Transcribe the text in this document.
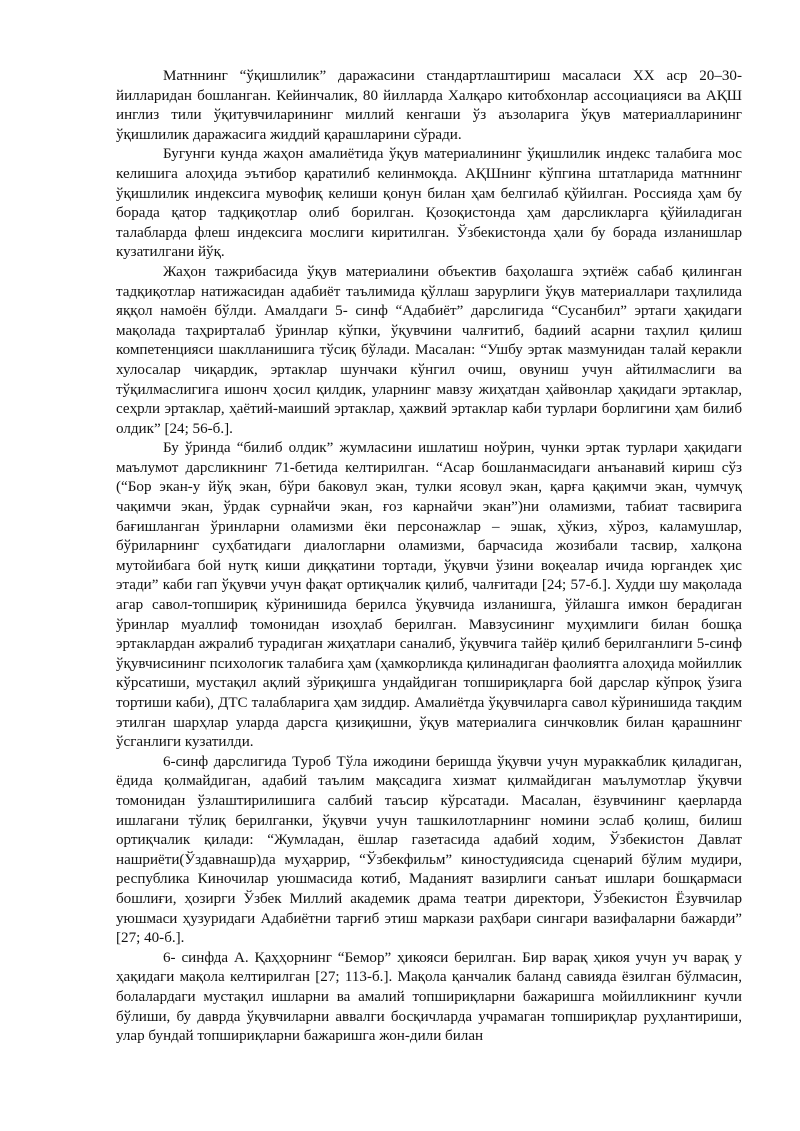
Матннинг “ўқишлилик” даражасини стандартлаштириш масаласи XX аср 20–30-йилларидан бошланган. Кейинчалик, 80 йилларда Халқаро китобхонлар ассоциацияси ва АҚШ инглиз тили ўқитувчиларининг миллий кенгаши ўз аъзоларига ўқув материалларининг ўқишлилик даражасига жиддий қарашларини сўради.

Бугунги кунда жаҳон амалиётида ўқув материалининг ўқишлилик индекс талабига мос келишига алоҳида эътибор қаратилиб келинмоқда. АҚШнинг кўпгина штатларида матннинг ўқишлилик индексига мувофиқ келиши қонун билан ҳам белгилаб қўйилган. Россияда ҳам бу борада қатор тадқиқотлар олиб борилган. Қозоқистонда ҳам дарсликларга қўйиладиган талабларда флеш индексига мослиги киритилган. Ўзбекистонда ҳали бу борада изланишлар кузатилгани йўқ.

Жаҳон тажрибасида ўқув материалини объектив баҳолашга эҳтиёж сабаб қилинган тадқиқотлар натижасидан адабиёт таълимида қўллаш зарурлиги ўқув материаллари таҳлилида яққол намоён бўлди. Амалдаги 5- синф “Адабиёт” дарслигида “Сусанбил” эртаги ҳақидаги мақолада таҳрирталаб ўринлар кўпки, ўқувчини чалғитиб, бадиий асарни таҳлил қилиш компетенцияси шаклланишига тўсиқ бўлади. Масалан: “Ушбу эртак мазмунидан талай керакли хулосалар чиқардик, эртаклар шунчаки кўнгил очиш, овуниш учун айтилмаслиги ва тўқилмаслигига ишонч ҳосил қилдик, уларнинг мавзу жиҳатдан ҳайвонлар ҳақидаги эртаклар, сеҳрли эртаклар, ҳаётий-маиший эртаклар, ҳажвий эртаклар каби турлари борлигини ҳам билиб олдик” [24; 56-б.].

Бу ўринда “билиб олдик” жумласини ишлатиш ноўрин, чунки эртак турлари ҳақидаги маълумот дарсликнинг 71-бетида келтирилган. “Асар бошланмасидаги анъанавий кириш сўз (“Бор экан-у йўқ экан, бўри баковул экан, тулки ясовул экан, қарға қақимчи экан, чумчуқ чақимчи экан, ўрдак сурнайчи экан, ғоз карнайчи экан”)ни оламизми, табиат тасвирига бағишланган ўринларни оламизми ёки персонажлар – эшак, ҳўкиз, хўроз, каламушлар, бўриларнинг суҳбатидаги диалогларни оламизми, барчасида жозибали тасвир, халқона мутойибага бой нутқ киши диққатини тортади, ўқувчи ўзини воқеалар ичида юргандек ҳис этади” каби гап ўқувчи учун фақат ортиқчалик қилиб, чалғитади [24; 57-б.]. Худди шу мақолада агар савол-топшириқ кўринишида берилса ўқувчида изланишга, ўйлашга имкон берадиган ўринлар муаллиф томонидан изоҳлаб берилган. Мавзусининг муҳимлиги билан бошқа эртаклардан ажралиб турадиган жиҳатлари саналиб, ўқувчига тайёр қилиб берилганлиги 5-синф ўқувчисининг психологик талабига ҳам (ҳамкорликда қилинадиган фаолиятга алоҳида мойиллик кўрсатиши, мустақил ақлий зўриқишга ундайдиган топшириқларга бой дарслар кўпроқ ўзига тортиши каби), ДТС талабларига ҳам зиддир. Амалиётда ўқувчиларга савол кўринишида тақдим этилган шарҳлар уларда дарсга қизиқишни, ўқув материалига синчковлик билан қарашнинг ўсганлиги кузатилди.

6-синф дарслигида Туроб Тўла ижодини беришда ўқувчи учун мураккаблик қиладиган, ёдида қолмайдиган, адабий таълим мақсадига хизмат қилмайдиган маълумотлар ўқувчи томонидан ўзлаштирилишига салбий таъсир кўрсатади. Масалан, ёзувчининг қаерларда ишлагани тўлиқ берилганки, ўқувчи учун ташкилотларнинг номини эслаб қолиш, билиш ортиқчалик қилади: “Жумладан, ёшлар газетасида адабий ходим, Ўзбекистон Давлат нашриёти(Ўздавнашр)да муҳаррир, “Ўзбекфильм” киностудиясида сценарий бўлим мудири, республика Киночилар уюшмасида котиб, Маданият вазирлиги санъат ишлари бошқармаси бошлиғи, ҳозирги Ўзбек Миллий академик драма театри директори, Ўзбекистон Ёзувчилар уюшмаси ҳузуридаги Адабиётни тарғиб этиш маркази раҳбари сингари вазифаларни бажарди” [27; 40-б.].

6- синфда А. Қаҳҳорнинг “Бемор” ҳикояси берилган. Бир варақ ҳикоя учун уч варақ у ҳақидаги мақола келтирилган [27; 113-б.]. Мақола қанчалик баланд савияда ёзилган бўлмасин, болалардаги мустақил ишларни ва амалий топшириқларни бажаришга мойилликнинг кучли бўлиши, бу даврда ўқувчиларни аввалги босқичларда учрамаган топшириқлар руҳлантириши, улар бундай топшириқларни бажаришга жон-дили билан
